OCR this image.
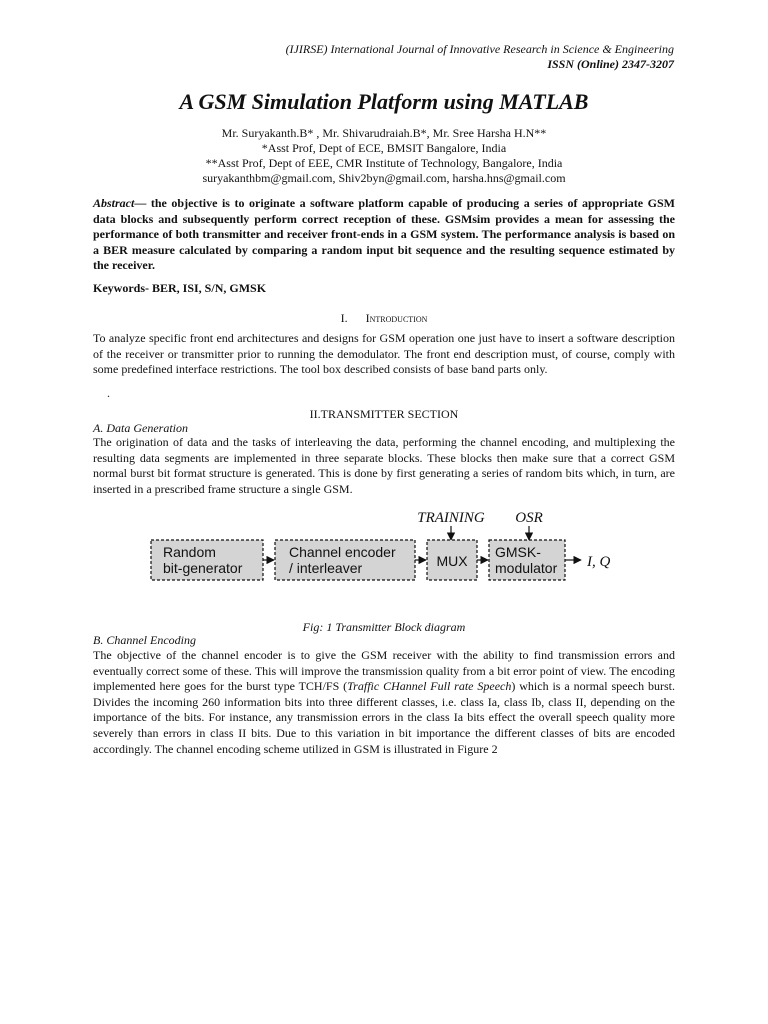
(IJIRSE) International Journal of Innovative Research in Science & Engineering
ISSN (Online) 2347-3207
A GSM Simulation Platform using MATLAB
Mr. Suryakanth.B* , Mr. Shivarudraiah.B*, Mr. Sree Harsha H.N**
*Asst Prof, Dept of ECE, BMSIT Bangalore, India
**Asst Prof, Dept of EEE, CMR Institute of Technology, Bangalore, India
suryakanthbm@gmail.com, Shiv2byn@gmail.com, harsha.hns@gmail.com
Abstract— the objective is to originate a software platform capable of producing a series of appropriate GSM data blocks and subsequently perform correct reception of these. GSMsim provides a mean for assessing the performance of both transmitter and receiver front-ends in a GSM system. The performance analysis is based on a BER measure calculated by comparing a random input bit sequence and the resulting sequence estimated by the receiver.
Keywords- BER, ISI, S/N, GMSK
I. Introduction
To analyze specific front end architectures and designs for GSM operation one just have to insert a software description of the receiver or transmitter prior to running the demodulator. The front end description must, of course, comply with some predefined interface restrictions. The tool box described consists of base band parts only.
.
II.TRANSMITTER SECTION
A. Data Generation
The origination of data and the tasks of interleaving the data, performing the channel encoding, and multiplexing the resulting data segments are implemented in three separate blocks. These blocks then make sure that a correct GSM normal burst bit format structure is generated. This is done by first generating a series of random bits which, in turn, are inserted in a prescribed frame structure a single GSM.
TRAINING OSR
Random
bit-generator
Channel encoder
/ interleaver	MUX
GMSK-
modulator I, Q
Fig: 1 Transmitter Block diagram
B. Channel Encoding
The objective of the channel encoder is to give the GSM receiver with the ability to find transmission errors and eventually correct some of these. This will improve the transmission quality from a bit error point of view. The encoding implemented here goes for the burst type TCH/FS (Traffic CHannel Full rate Speech) which is a normal speech burst. Divides the incoming 260 information bits into three different classes, i.e. class Ia, class Ib, class II, depending on the importance of the bits. For instance, any transmission errors in the class Ia bits effect the overall speech quality more severely than errors in class II bits. Due to this variation in bit importance the different classes of bits are encoded accordingly. The channel encoding scheme utilized in GSM is illustrated in Figure 2
